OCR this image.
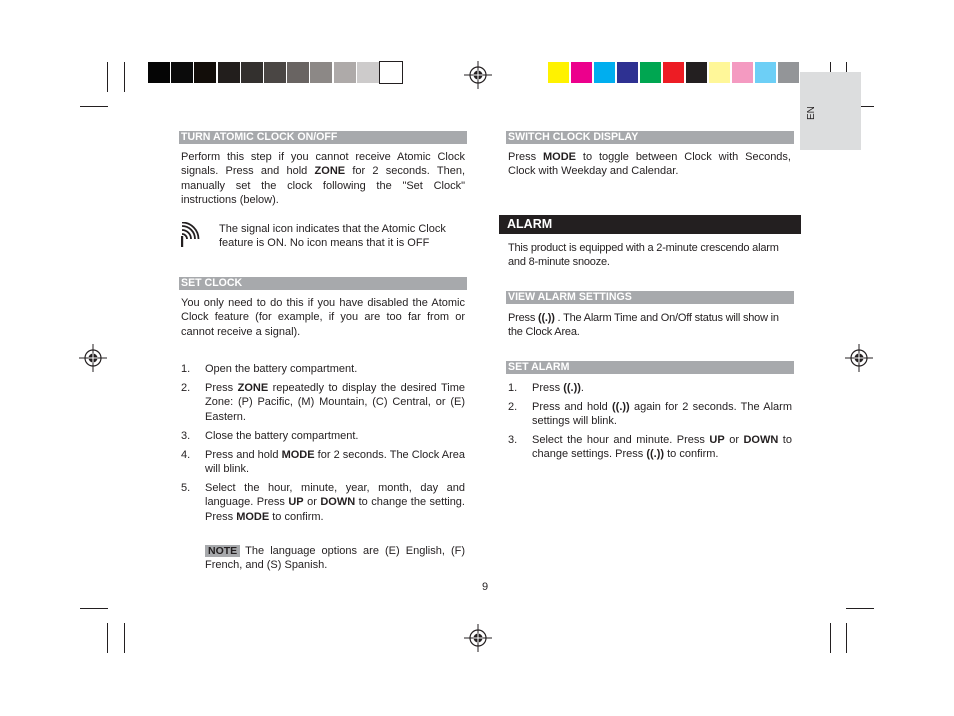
EN
TURN ATOMIC CLOCK ON/OFF

Perform this step if you cannot receive Atomic Clock signals. Press and hold ZONE for 2 seconds. Then, manually set the clock following the "Set Clock" instructions (below).

The signal icon indicates that the Atomic Clock feature is ON. No icon means that it is OFF

SET CLOCK

You only need to do this if you have disabled the Atomic Clock feature (for example, if you are too far from or cannot receive a signal).

1. Open the battery compartment.

2. Press ZONE repeatedly to display the desired Time Zone: (P) Pacific, (M) Mountain, (C) Central, or (E) Eastern.

3. Close the battery compartment.

4. Press and hold MODE for 2 seconds. The Clock Area will blink.

5. Select the hour, minute, year, month, day and language. Press UP or DOWN to change the setting. Press MODE to confirm.

NOTE The language options are (E) English, (F) French, and (S) Spanish.

SWITCH CLOCK DISPLAY

Press MODE to toggle between Clock with Seconds, Clock with Weekday and Calendar.

ALARM

This product is equipped with a 2-minute crescendo alarm and 8-minute snooze.

VIEW ALARM SETTINGS

Press ((.)) . The Alarm Time and On/Off status will show in the Clock Area.

SET ALARM
1. Press ((.)).

2. Press and hold ((.)) again for 2 seconds. The Alarm settings will blink.

3. Select the hour and minute. Press UP or DOWN to change settings. Press ((.)) to confirm.

9
